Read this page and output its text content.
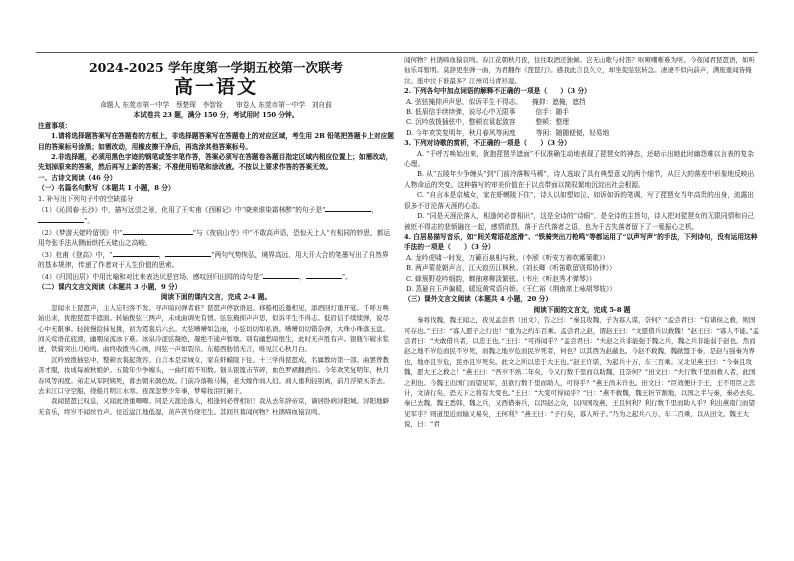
2024-2025 学年度第一学期五校第一次联考
高一语文
命题人 东莞市第一中学　蔡楚琛　李智铨　　审卷人 东莞市第一中学　刘自前
本试卷共 23 题，满分 150 分，考试用时 150 分钟。
注意事项：

1.请将选择题答案写在答题卷的方框上，非选择题答案写在答题卷上的对应区域，考生用 2B 铅笔把答题卡上对应题目的答案标号涂黑；如需改动，用橡皮擦干净后，再选涂其他答案标号。

2.非选择题，必须用黑色字迹的钢笔或签字笔作答，答案必须写在答题卷各题目指定区域内相应位置上；如需改动，先划掉原来的答案，然后再写上新的答案；不准使用铅笔和涂改液。不按以上要求作答的答案无效。

一、古诗文阅读（46 分）
（一）名篇名句默写（本题共 1 小题，8 分）
1. 补写出下列句子中的空缺部分

（1）《沁园春·长沙》中，描写远望之景，化用了王实甫《西厢记》中“晓来谁染霜林醉”的句子是“	，”。

（2）《梦游天姥吟留别》中“	”与《夜宿山寺》中“不敢高声语，恐惊天上人”有相同的妙思，都运用夸张手法从侧面烘托天姥山之高峻。

（3）杜甫《登高》中，“	，	”两句气势恢弘，境界高远，用大开大合的笔墨写出了自然界的基本规律，传递了作者对于人生价值的思索。

（4）《归园田居》中用比喻和对比来表达厌恶官场，感叹回归田园的诗句是“	，	”。

（二）课内文言文阅读（本题共 3 小题，9 分）
阅读下面的课内文言，完成 2-4 题。

忽闻水上琵琶声，主人忘归客不发。寻声暗问弹者谁？琵琶声停欲语迟。移船相近邀相见，添酒回灯重开宴。千呼万唤始出来，犹抱琵琶半遮面。转轴拨弦三两声，未成曲调先有情。弦弦掩抑声声思，似诉平生不得志。低眉信手续续弹，说尽心中无限事。轻拢慢捻抹复挑，初为霓裳后六幺。大弦嘈嘈如急雨，小弦切切如私语。嘈嘈切切错杂弹，大珠小珠落玉盘。间关莺语花底滑，幽咽泉流冰下难。冰泉冷涩弦凝绝，凝绝不通声暂歇。别有幽愁暗恨生，此时无声胜有声。银瓶乍破水浆迸，铁骑突出刀枪鸣。曲终收拨当心画，四弦一声如裂帛。东船西舫悄无言，唯见江心秋月白。

沉吟放拨插弦中，整顿衣裳起敛容。自言本是京城女，家在虾蟆陵下住。十三学得琵琶成，名属教坊第一部。曲罢曾教善才服，妆成每被秋娘妒。五陵年少争缠头，一曲红绡不知数。钿头银篦击节碎，血色罗裙翻酒污。今年欢笑复明年，秋月春风等闲度。弟走从军阿姨死，暮去朝来颜色故。门前冷落鞍马稀，老大嫁作商人妇。商人重利轻别离，前月浮梁买茶去。去来江口守空船，绕船月明江水寒。夜深忽梦少年事，梦啼妆泪红阑干。

我闻琵琶已叹息，又闻此语重唧唧。同是天涯沦落人，相逢何必曾相识！我从去年辞帝京，谪居卧病浔阳城。浔阳地僻无音乐，终岁不闻丝竹声。住近湓江地低湿，黄芦苦竹绕宅生。其间旦暮闻何物？杜鹃啼血猿哀鸣。

闻何物？杜鹃啼血猿哀鸣。春江花朝秋月夜，往往取酒还独倾。岂无山歌与村笛？呕哑嘲哳难为听。今夜闻君琵琶语，如听仙乐耳暂明。莫辞更坐弹一曲，为君翻作《琵琶行》。感我此言良久立，却坐促弦弦转急。凄凄不似向前声，满座重闻皆掩泣。座中泣下谁最多？江州司马青衫湿。

2. 下列各句中加点词语的解释不正确的一项是（　　）（3 分）
A. 弦弦掩抑声声思，似诉平生不得志。　　掩抑：遮掩，遮挡
B. 低眉信手续续弹，说尽心中无限事　　　信手：随手
C. 沉吟放拨插弦中，整顿衣裳起敛容　　　整顿：整理
D. 今年欢笑复明年，秋月春风等闲度　　　等闲：随随便便，轻易地
3. 下列对诗歌的赏析，不正确的一项是（　　）（3 分）

A. “千呼万唤始出来，犹抱琵琶半遮面”不仅准确生动地表现了琵琶女的神态，还暗示出她此时幽怨难以言表的复杂心理。

B. 从“五陵年少争缠头”到“门前冷落鞍马稀”，诗人选取了具有典型意义的两个细节，从巨大的落差中形象地反映出人物命运的突变。这种描写的审美价值在于以点带面以简驭繁地沉淀出社会根源。

C. “自言本是京城女，家在虾蟆陵下住”，诗人以如塑如泣、如诉如诉的笔调，写了琵琶女当年高贵的出身，流露出很多不甘沦落天涯的心态。

D. “同是天涯沦落人，相逢何必曾相识”，这是全诗的“诗眼”，是全诗的主旨句，诗人把对琵琶女的无限同情和自己被贬不得志的悲愤融在一起，感情浓烈，落于古代落者之语，也为千古失落者留下了一戛振心之机。

4. 白居易描写音乐，如“间关莺语花底滑”、“铁骑突出刀枪鸣”等都运用了“以声写声”的手法，下列诗句，没有运用这种手法的一项是（　　）（3 分）
A. 龙吟虎啸一时发，万籁百泉相与秋。（李颀《听安万善吹觱篥歌》）
B. 两声蒙花朝声言，江天寂历江枫秋。（刘长卿《听笛歌留别郑协律》）
C. 蜂簇野花吟细韵，蝉抽寒柳淡繁弦。（韦庄《听赵秀才弹琴》）
D. 蒸悬自玉声偏暖，暖逗黄莺语自娇。（王仁裕《荆南席上咏胡琴妓》）
（三）课外文言文阅读（本题共 4 小题，20 分）
阅读下面的文言文，完成 5-8 题

秦将伐魏，魏王闻之，夜见孟尝君（田文），告之曰：“秦且攻魏，子为寡人谋，奈何？”孟尝君曰：“有诸侯之救，则国可存也。”王曰：“寡人愿子之行也！”重为之约车百乘。孟尝君之赵，谓赵王曰：“文愿借兵以救魏！”赵王曰：“寡人不能。”孟尝君曰：“夫敢借兵者，以忠王也。”王曰：“可得闻乎？”孟尝君曰：“夫赵之兵非能强于魏之兵，魏之兵非能弱于赵也。然而赵之地不岁危而民不岁死，而魏之地岁危而民岁死者，何也？以其西为赵蔽也。今赵不救魏，魏歃盟于秦，是赵与强秦为界也，地亦且岁危，民亦且岁死矣。此文之所以忠于大王也。”赵王许诺，为起兵十万、车三百乘。又北见燕王曰：“今秦且攻魏，愿大王之救之！”燕王曰：“吾岁不熟二年矣，今又行数千里而以助魏，且奈何？”田文曰：“夫行数千里而救人者，此国之利也。今魏王出国门而望见军，虽欲行数千里而助人，可得乎？”燕王尚未许也。田文曰：“臣效便计于王，王不用臣之忠计，文请行矣，恐天下之将有大变也。”王曰：“大变可得闻乎？”曰：“燕不救魏，魏王折节割地，以国之半与秦，秦必去矣。秦已去魏，魏王悉韩、魏之兵，又西借秦兵，以因赵之众，以四国攻燕，王且何利？利行数千里而助人乎？利出燕南门而望见军乎？则道里近而输又易矣，王何利？”燕王曰：“子行矣，寡人听子。”乃为之起兵八万、车二百乘，以从田文。魏王大说，曰：“君
